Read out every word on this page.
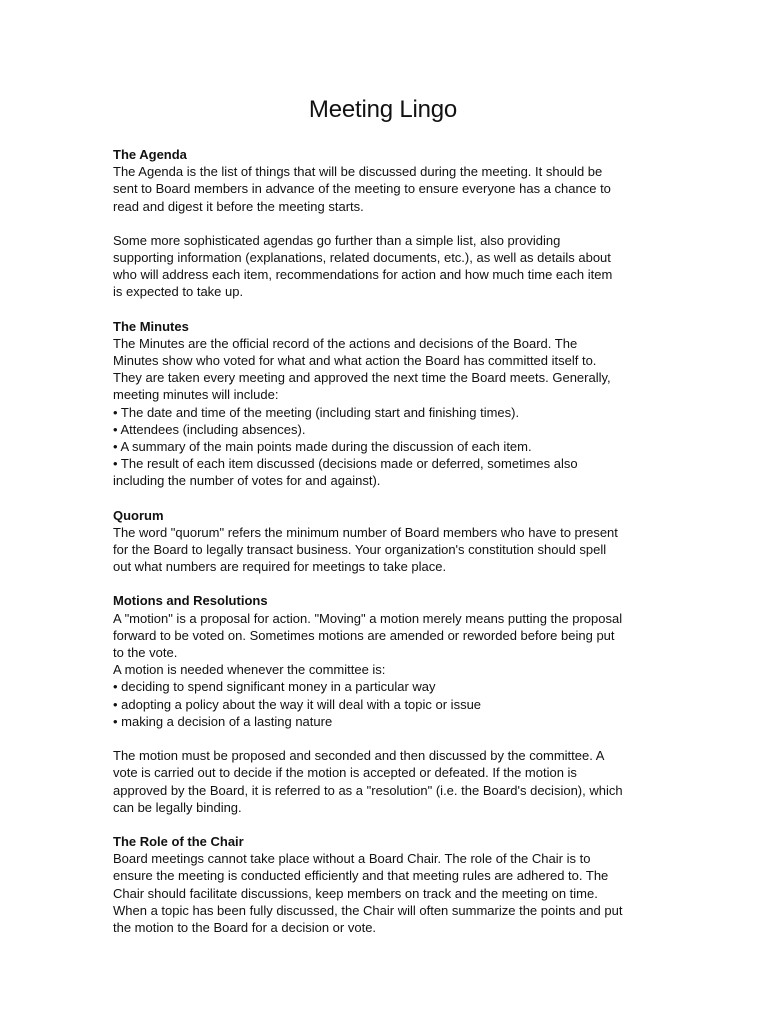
Meeting Lingo

The Agenda

The Agenda is the list of things that will be discussed during the meeting. It should be

sent to Board members in advance of the meeting to ensure everyone has a chance to

read and digest it before the meeting starts.

Some more sophisticated agendas go further than a simple list, also providing

supporting information (explanations, related documents, etc.), as well as details about

who will address each item, recommendations for action and how much time each item

is expected to take up.

The Minutes

The Minutes are the official record of the actions and decisions of the Board. The

Minutes show who voted for what and what action the Board has committed itself to.

They are taken every meeting and approved the next time the Board meets. Generally,

meeting minutes will include:

• The date and time of the meeting (including start and finishing times).

• Attendees (including absences).

• A summary of the main points made during the discussion of each item.

• The result of each item discussed (decisions made or deferred, sometimes also

including the number of votes for and against).

Quorum

The word "quorum" refers the minimum number of Board members who have to present

for the Board to legally transact business. Your organization's constitution should spell

out what numbers are required for meetings to take place.

Motions and Resolutions

A "motion" is a proposal for action. "Moving" a motion merely means putting the proposal

forward to be voted on. Sometimes motions are amended or reworded before being put

to the vote.

A motion is needed whenever the committee is:

• deciding to spend significant money in a particular way

• adopting a policy about the way it will deal with a topic or issue

• making a decision of a lasting nature

The motion must be proposed and seconded and then discussed by the committee. A

vote is carried out to decide if the motion is accepted or defeated. If the motion is

approved by the Board, it is referred to as a "resolution" (i.e. the Board's decision), which

can be legally binding.

The Role of the Chair

Board meetings cannot take place without a Board Chair. The role of the Chair is to

ensure the meeting is conducted efficiently and that meeting rules are adhered to. The

Chair should facilitate discussions, keep members on track and the meeting on time.

When a topic has been fully discussed, the Chair will often summarize the points and put

the motion to the Board for a decision or vote.
